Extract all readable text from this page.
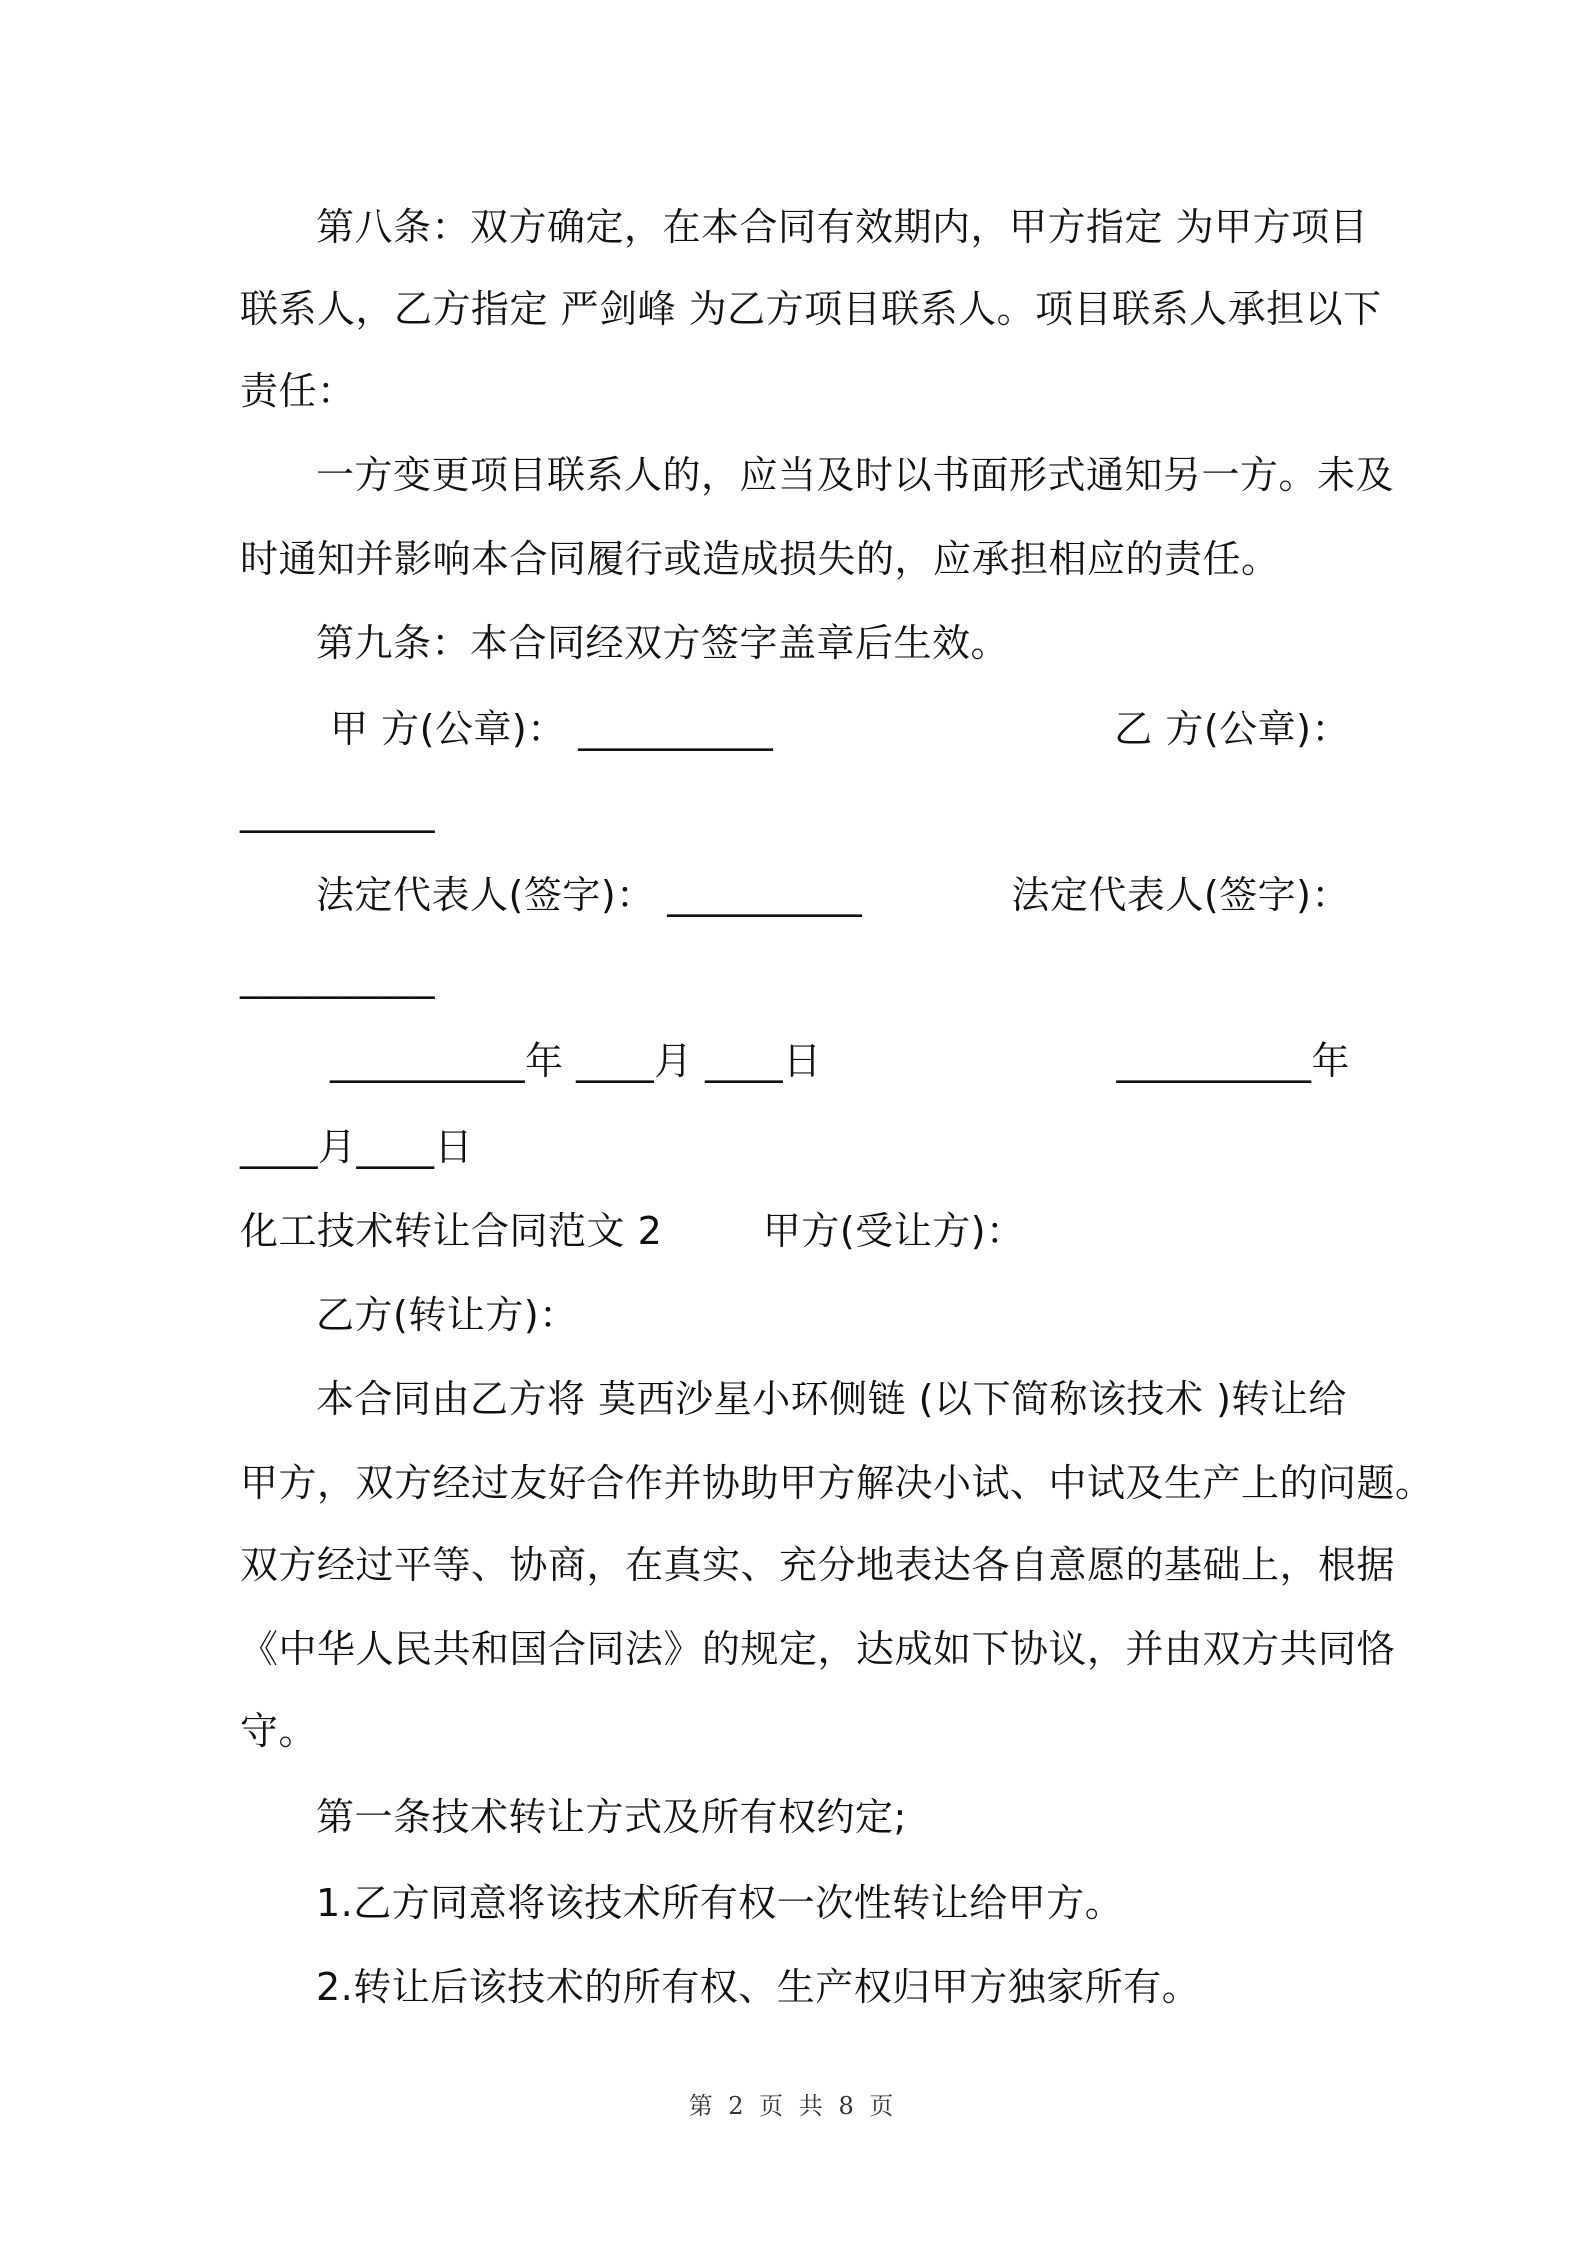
第八条：双方确定，在本合同有效期内，甲方指定 为甲方项目
联系人，乙方指定 严剑峰 为乙方项目联系人。项目联系人承担以下
责任：
一方变更项目联系人的，应当及时以书面形式通知另一方。未及
时通知并影响本合同履行或造成损失的，应承担相应的责任。
第九条：本合同经双方签字盖章后生效。
甲 方(公章)： __________	乙 方(公章)：
__________
法定代表人(签字)： __________	法定代表人(签字)：
__________
__________年 ____月 ____日	__________年
____月____日
化工技术转让合同范文 2        甲方(受让方)：
乙方(转让方)：
本合同由乙方将 莫西沙星小环侧链 (以下简称该技术 )转让给
甲方，双方经过友好合作并协助甲方解决小试、中试及生产上的问题。
双方经过平等、协商，在真实、充分地表达各自意愿的基础上，根据
《中华人民共和国合同法》的规定，达成如下协议，并由双方共同恪
守。
第一条技术转让方式及所有权约定;
1.乙方同意将该技术所有权一次性转让给甲方。
2.转让后该技术的所有权、生产权归甲方独家所有。
第 2 页 共 8 页
